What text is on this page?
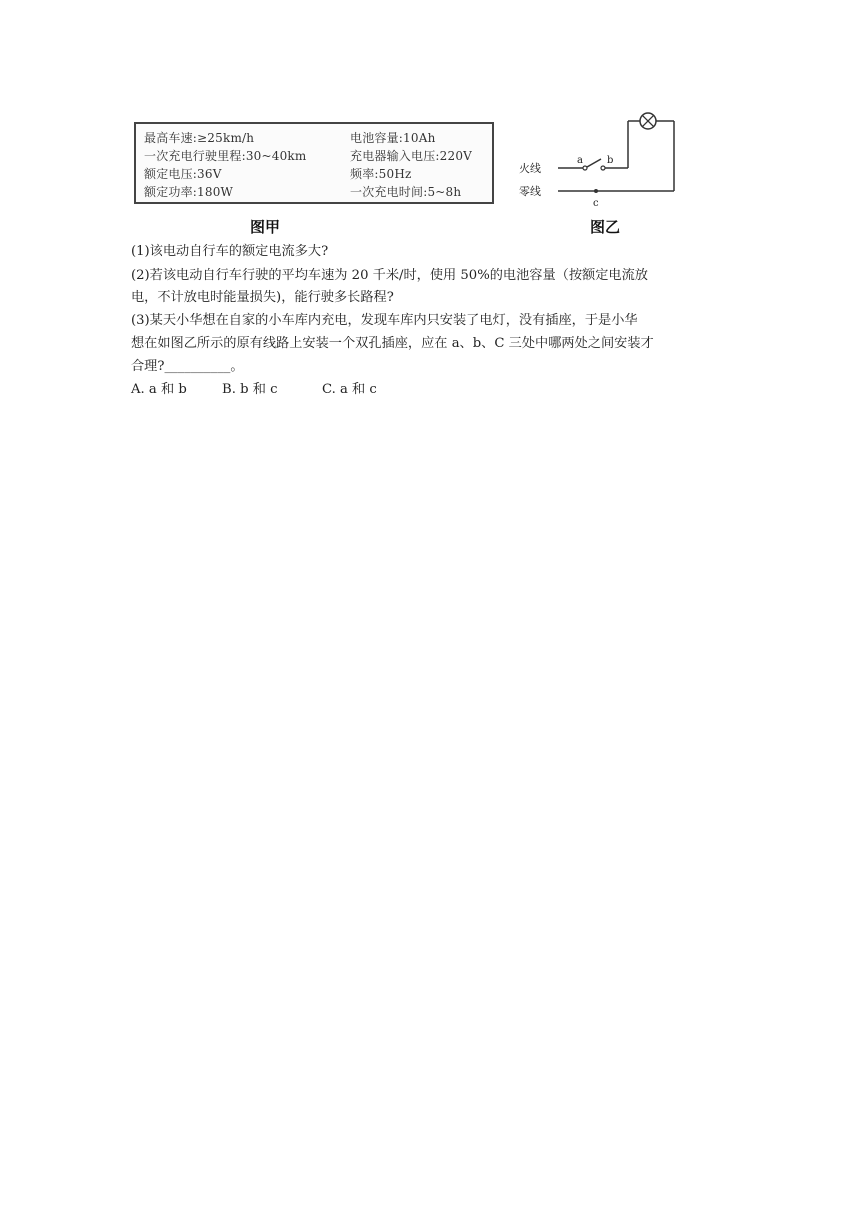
最高车速:≥25km/h	电池容量:10Ah
一次充电行驶里程:30~40km	充电器输入电压:220V
额定电压:36V	频率:50Hz
额定功率:180W	一次充电时间:5~8h
图甲
火线
零线
a b
c
图乙
(1)该电动自行车的额定电流多大?
(2)若该电动自行车行驶的平均车速为 20 千米/时，使用 50%的电池容量（按额定电流放
电，不计放电时能量损失)，能行驶多长路程?
(3)某天小华想在自家的小车库内充电，发现车库内只安装了电灯，没有插座，于是小华
想在如图乙所示的原有线路上安装一个双孔插座，应在 a、b、C 三处中哪两处之间安装才
合理?__________。
A. a 和 b	B. b 和 c	C. a 和 c
